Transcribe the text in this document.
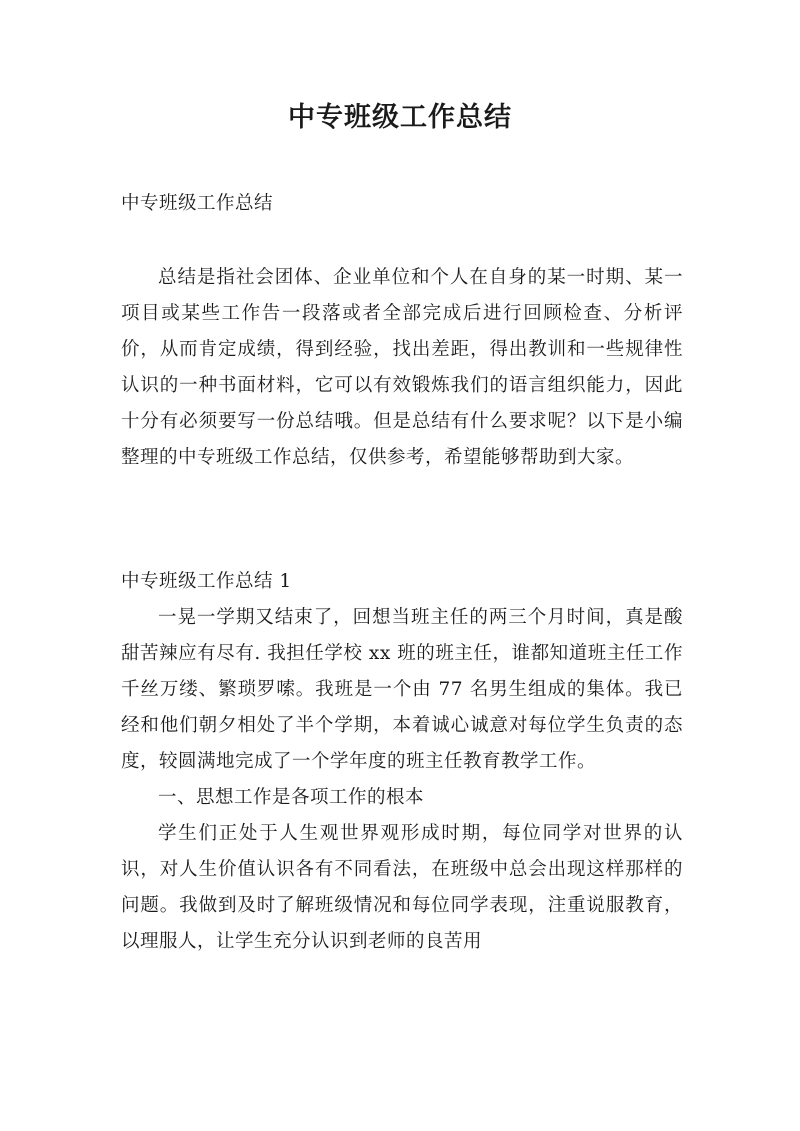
中专班级工作总结
中专班级工作总结
总结是指社会团体、企业单位和个人在自身的某一时期、某一项目或某些工作告一段落或者全部完成后进行回顾检查、分析评价，从而肯定成绩，得到经验，找出差距，得出教训和一些规律性认识的一种书面材料，它可以有效锻炼我们的语言组织能力，因此十分有必须要写一份总结哦。但是总结有什么要求呢？以下是小编整理的中专班级工作总结，仅供参考，希望能够帮助到大家。

中专班级工作总结 1

一晃一学期又结束了，回想当班主任的两三个月时间，真是酸甜苦辣应有尽有. 我担任学校 xx 班的班主任，谁都知道班主任工作千丝万缕、繁琐罗嗦。我班是一个由 77 名男生组成的集体。我已经和他们朝夕相处了半个学期，本着诚心诚意对每位学生负责的态度，较圆满地完成了一个学年度的班主任教育教学工作。

一、思想工作是各项工作的根本

学生们正处于人生观世界观形成时期，每位同学对世界的认识，对人生价值认识各有不同看法，在班级中总会出现这样那样的问题。我做到及时了解班级情况和每位同学表现，注重说服教育，以理服人，让学生充分认识到老师的良苦用
